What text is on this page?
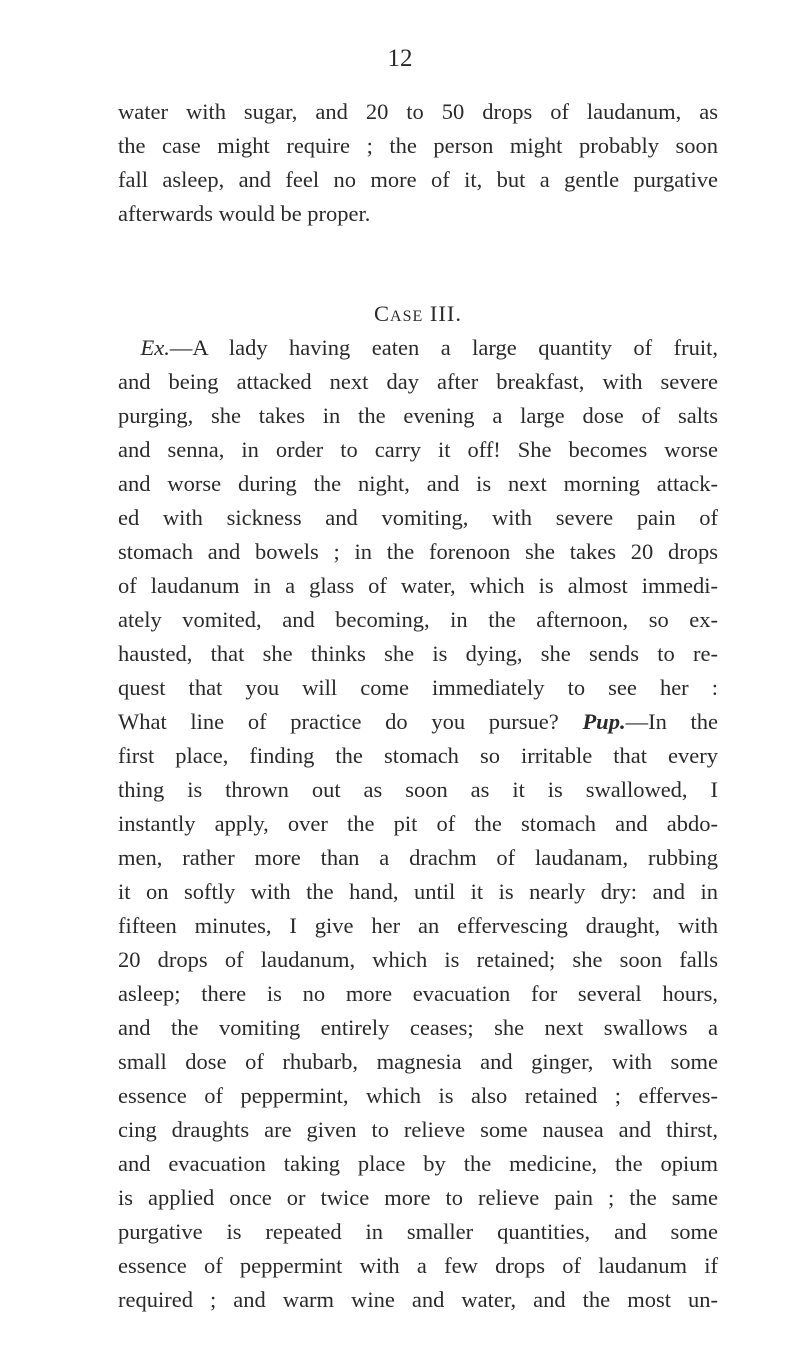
12
water with sugar, and 20 to 50 drops of laudanum, as
the case might require ; the person might probably soon
fall asleep, and feel no more of it, but a gentle purgative
afterwards would be proper.
Case III.
 Ex.—A lady having eaten a large quantity of fruit,
and being attacked next day after breakfast, with severe
purging, she takes in the evening a large dose of salts
and senna, in order to carry it off! She becomes worse
and worse during the night, and is next morning attack-
ed with sickness and vomiting, with severe pain of
stomach and bowels ; in the forenoon she takes 20 drops
of laudanum in a glass of water, which is almost immedi-
ately vomited, and becoming, in the afternoon, so ex-
hausted, that she thinks she is dying, she sends to re-
quest that you will come immediately to see her :
What line of practice do you pursue? Pup.—In the
first place, finding the stomach so irritable that every
thing is thrown out as soon as it is swallowed, I
instantly apply, over the pit of the stomach and abdo-
men, rather more than a drachm of laudanam, rubbing
it on softly with the hand, until it is nearly dry: and in
fifteen minutes, I give her an effervescing draught, with
20 drops of laudanum, which is retained; she soon falls
asleep; there is no more evacuation for several hours,
and the vomiting entirely ceases; she next swallows a
small dose of rhubarb, magnesia and ginger, with some
essence of peppermint, which is also retained ; efferves-
cing draughts are given to relieve some nausea and thirst,
and evacuation taking place by the medicine, the opium
is applied once or twice more to relieve pain ; the same
purgative is repeated in smaller quantities, and some
essence of peppermint with a few drops of laudanum if
required ; and warm wine and water, and the most un-
